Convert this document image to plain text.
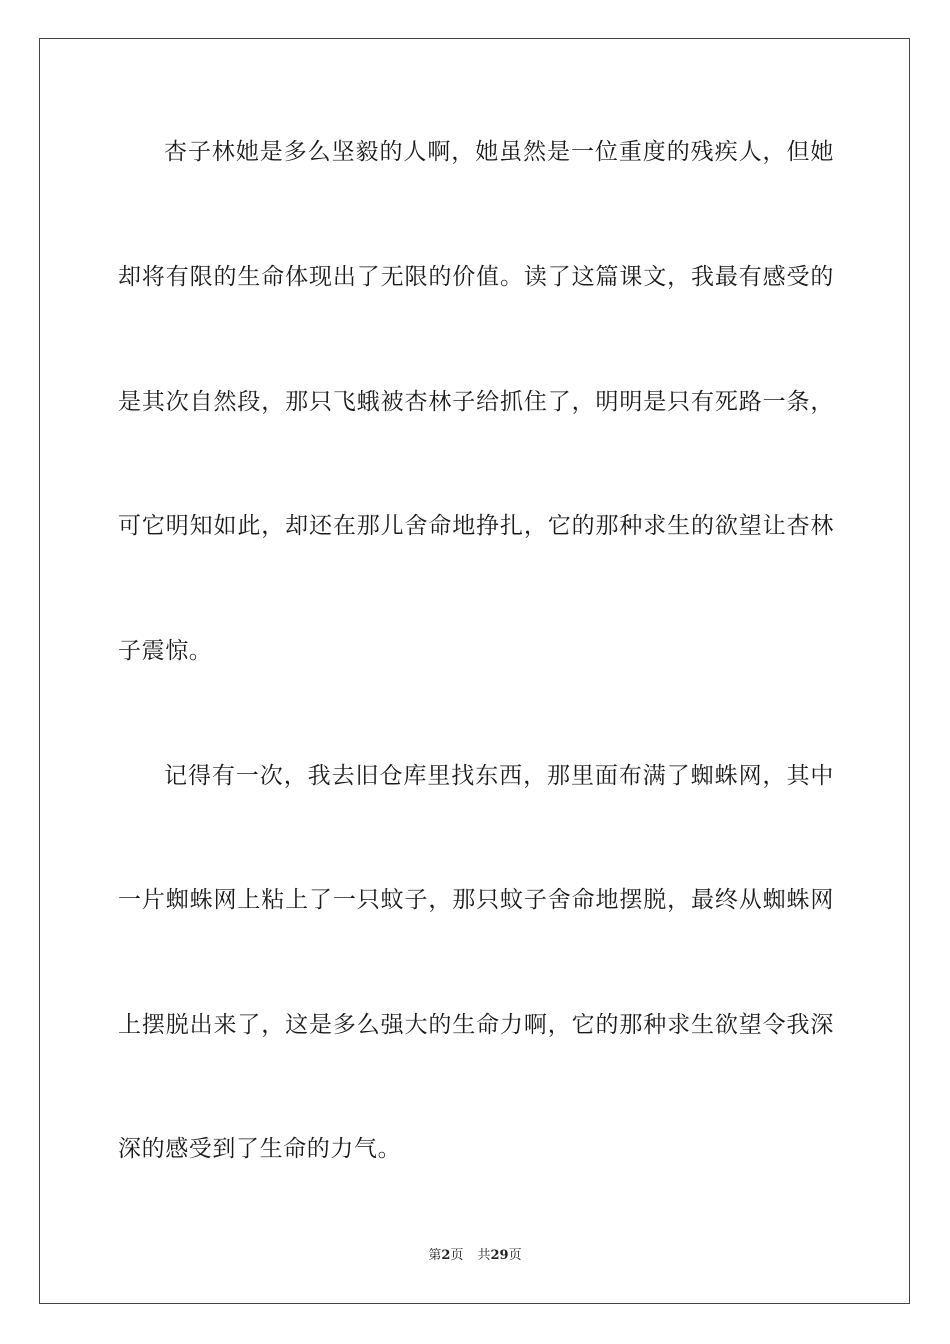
杏子林她是多么坚毅的人啊，她虽然是一位重度的残疾人，但她
却将有限的生命体现出了无限的价值。读了这篇课文，我最有感受的
是其次自然段，那只飞蛾被杏林子给抓住了，明明是只有死路一条，
可它明知如此，却还在那儿舍命地挣扎，它的那种求生的欲望让杏林
子震惊。
记得有一次，我去旧仓库里找东西，那里面布满了蜘蛛网，其中
一片蜘蛛网上粘上了一只蚊子，那只蚊子舍命地摆脱，最终从蜘蛛网
上摆脱出来了，这是多么强大的生命力啊，它的那种求生欲望令我深
深的感受到了生命的力气。
第2页 共29页
